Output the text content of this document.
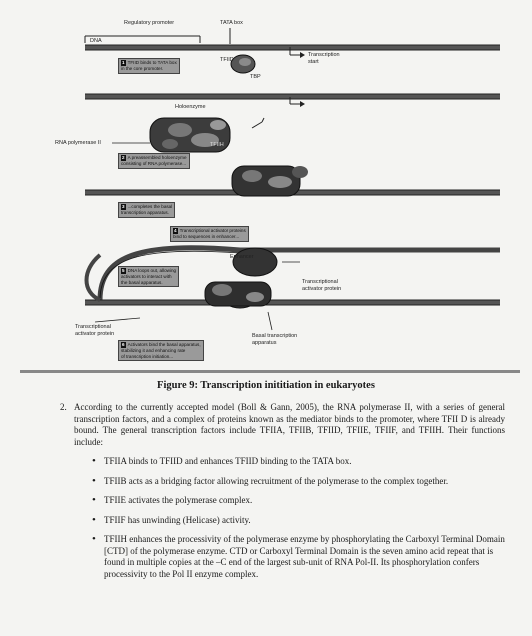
Regulatory promoter	TATA box
DNA
TFIID
TBP
Transcription
start
Holoenzyme
RNA polymerase II	TFIIH
Enhancer
Transcriptional
activator protein
Transcriptional
activator protein	Basal transcription
apparatus
1 TFIID binds to TATA box
in the core promoter.
2 A preassembled holoenzyme
consisting of RNA polymerase...
3 ...completes the basal
transcription apparatus.
4 Transcriptional activator proteins
bind to sequences in enhancer...
5 DNA loops out, allowing
activators to interact with
the basal apparatus.
6 Activators bind the basal apparatus,
stabilizing it and enhancing rate
of transcription initiation...
Figure 9: Transcription inititiation in eukaryotes
2. According to the currently accepted model (Boll & Gann, 2005), the RNA polymerase II, with a series of general transcription factors, and a complex of proteins known as the mediator binds to the promoter, where TFII D is already bound. The general transcription factors include TFIIA, TFIIB, TFIID, TFIIE, TFIIF, and TFIIH. Their functions include:
• TFIIA binds to TFIID and enhances TFIID binding to the TATA box.
• TFIIB acts as a bridging factor allowing recruitment of the polymerase to the complex together.
• TFIIE activates the polymerase complex.
• TFIIF has unwinding (Helicase) activity.
• TFIIH enhances the processivity of the polymerase enzyme by phosphorylating the Carboxyl Terminal Domain [CTD] of the polymerase enzyme. CTD or Carboxyl Terminal Domain is the seven amino acid repeat that is found in multiple copies at the –C end of the largest sub-unit of RNA Pol-II. Its phosphorylation confers processivity to the Pol II enzyme complex.
